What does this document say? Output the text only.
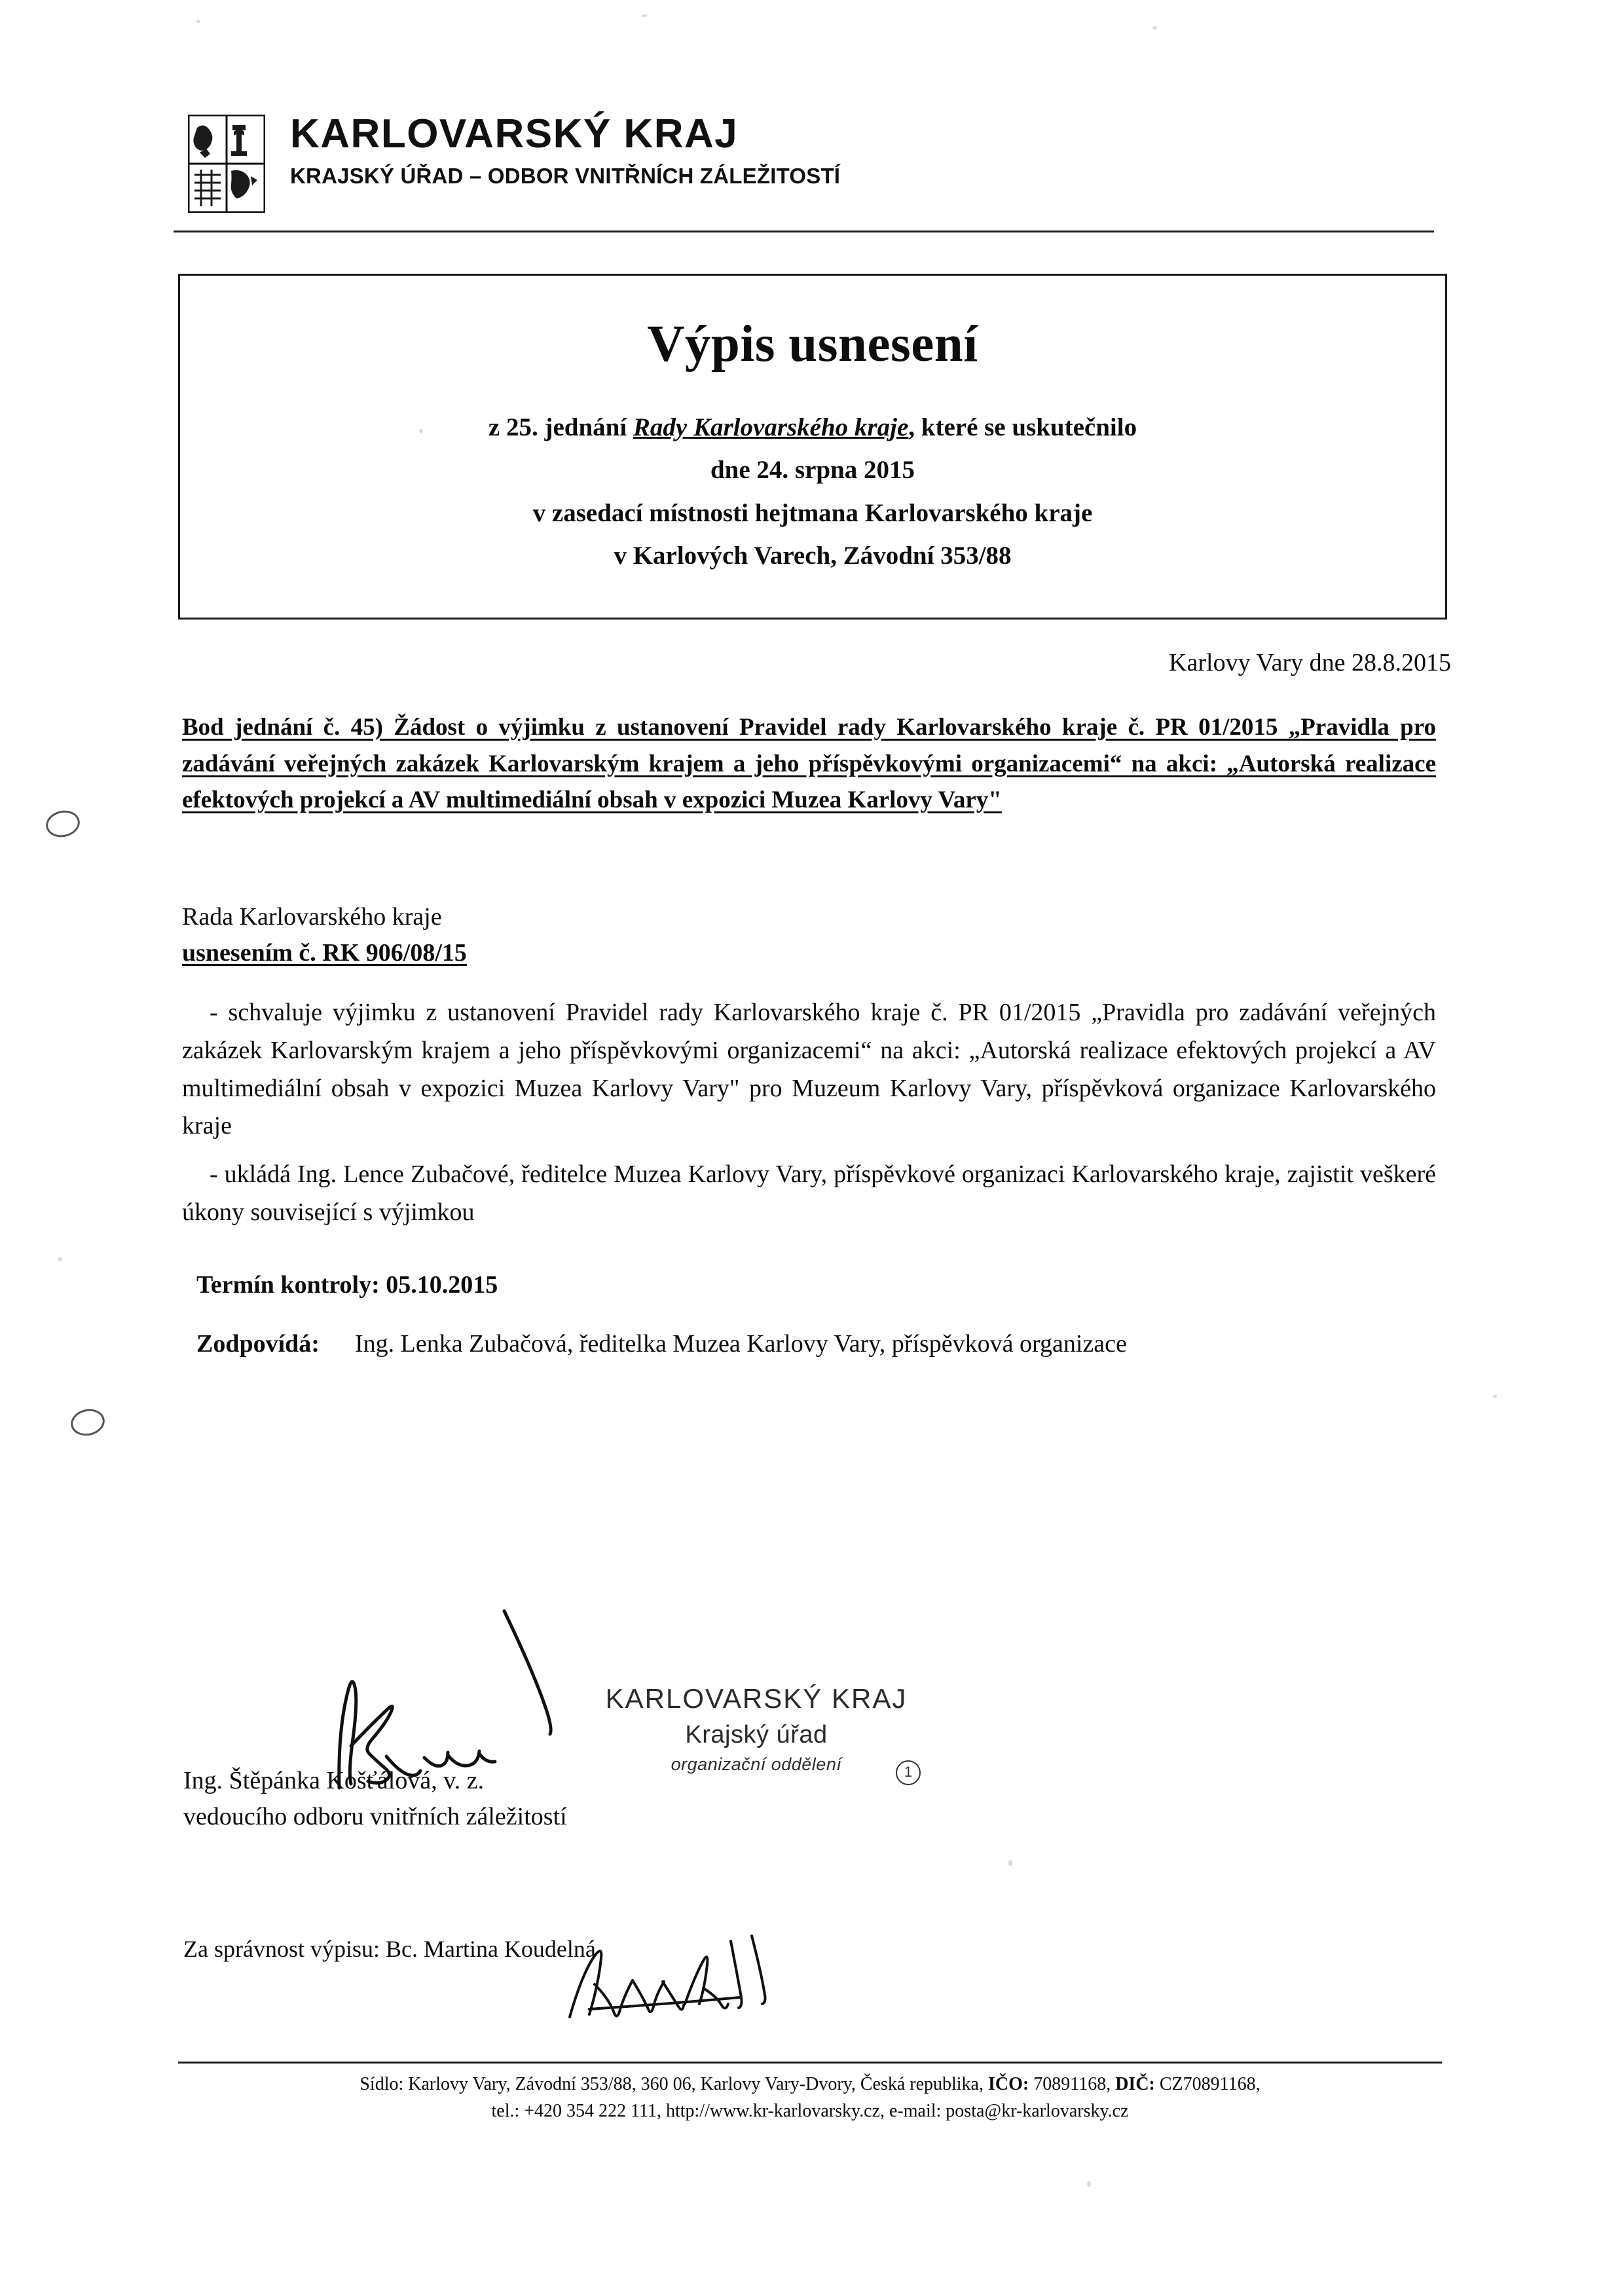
KARLOVARSKÝ KRAJ
KRAJSKÝ ÚŘAD – ODBOR VNITŘNÍCH ZÁLEŽITOSTÍ
Výpis usnesení
z 25. jednání Rady Karlovarského kraje, které se uskutečnilo
dne 24. srpna 2015
v zasedací místnosti hejtmana Karlovarského kraje
v Karlových Varech, Závodní 353/88
Karlovy Vary dne 28.8.2015
Bod jednání č. 45) Žádost o výjimku z ustanovení Pravidel rady Karlovarského kraje č. PR 01/2015 „Pravidla pro zadávání veřejných zakázek Karlovarským krajem a jeho příspěvkovými organizacemi“ na akci: „Autorská realizace efektových projekcí a AV multimediální obsah v expozici Muzea Karlovy Vary"
Rada Karlovarského kraje
usnesením č. RK 906/08/15
- schvaluje výjimku z ustanovení Pravidel rady Karlovarského kraje č. PR 01/2015 „Pravidla pro zadávání veřejných zakázek Karlovarským krajem a jeho příspěvkovými organizacemi“ na akci: „Autorská realizace efektových projekcí a AV multimediální obsah v expozici Muzea Karlovy Vary" pro Muzeum Karlovy Vary, příspěvková organizace Karlovarského kraje
- ukládá Ing. Lence Zubačové, ředitelce Muzea Karlovy Vary, příspěvkové organizaci Karlovarského kraje, zajistit veškeré úkony související s výjimkou
Termín kontroly: 05.10.2015
Zodpovídá: Ing. Lenka Zubačová, ředitelka Muzea Karlovy Vary, příspěvková organizace
KARLOVARSKÝ KRAJ
Krajský úřad
organizační oddělení	1
Ing. Štěpánka Košťálová, v. z.
vedoucího odboru vnitřních záležitostí
Za správnost výpisu: Bc. Martina Koudelná
Sídlo: Karlovy Vary, Závodní 353/88, 360 06, Karlovy Vary-Dvory, Česká republika, IČO: 70891168, DIČ: CZ70891168,
tel.: +420 354 222 111, http://www.kr-karlovarsky.cz, e-mail: posta@kr-karlovarsky.cz
